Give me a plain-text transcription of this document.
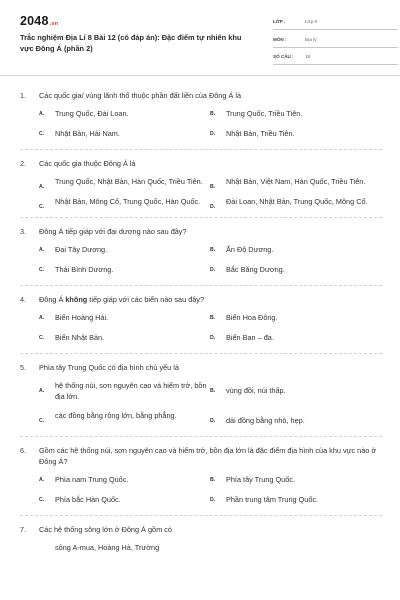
2048.vn
Trắc nghiệm Địa Lí 8 Bài 12 (có đáp án): Đặc điểm tự nhiên khu vực Đông Á (phần 2)
LỚP :	Lớp 8
MÔN :	Địa lý
SỐ CÂU : 18
1. Các quốc gia/ vùng lãnh thổ thuộc phần đất liền của Đông Á là
A. Trung Quốc, Đài Loan.	B. Trung Quốc, Triều Tiên.
C. Nhật Bản, Hải Nam.	D. Nhật Bản, Triều Tiên.
2. Các quốc gia thuộc Đông Á là
A.
Trung Quốc, Nhật Bản, Hàn Quốc, Triều Tiên.
B.
Nhật Bản, Việt Nam, Hàn Quốc, Triều Tiên.
C.
Nhật Bản, Mông Cổ, Trung Quốc, Hàn Quốc.
D.
Đài Loan, Nhật Bản, Trung Quốc, Mông Cổ.
3. Đông Á tiếp giáp với đại dương nào sau đây?
A. Đại Tây Dương.	B. Ấn Độ Dương.
C. Thái Bình Dương.	D. Bắc Băng Dương.
4. Đông Á không tiếp giáp với các biển nào sau đây?
A. Biển Hoàng Hải.	B. Biển Hoa Đông.
C. Biển Nhật Bản.	D. Biển Ban – đa.
5. Phía tây Trung Quốc có địa hình chủ yếu là
A.
hệ thống núi, sơn nguyên cao và hiểm trở, bồn địa lớn.
B. vùng đồi, núi thấp.
C.
các đồng bằng rộng lớn, bằng phẳng.
D. dải đồng bằng nhỏ, hẹp.
6. Gồm các hệ thống núi, sơn nguyên cao và hiểm trở, bồn địa lớn là đặc điểm địa hình của khu vực nào ở Đông Á?
A. Phía nam Trung Quốc.	B. Phía tây Trung Quốc.
C. Phía bắc Hàn Quốc.	D. Phần trung tâm Trung Quốc.
7. Các hệ thống sông lớn ở Đông Á gồm có
sông A-mua, Hoàng Hà, Trường
